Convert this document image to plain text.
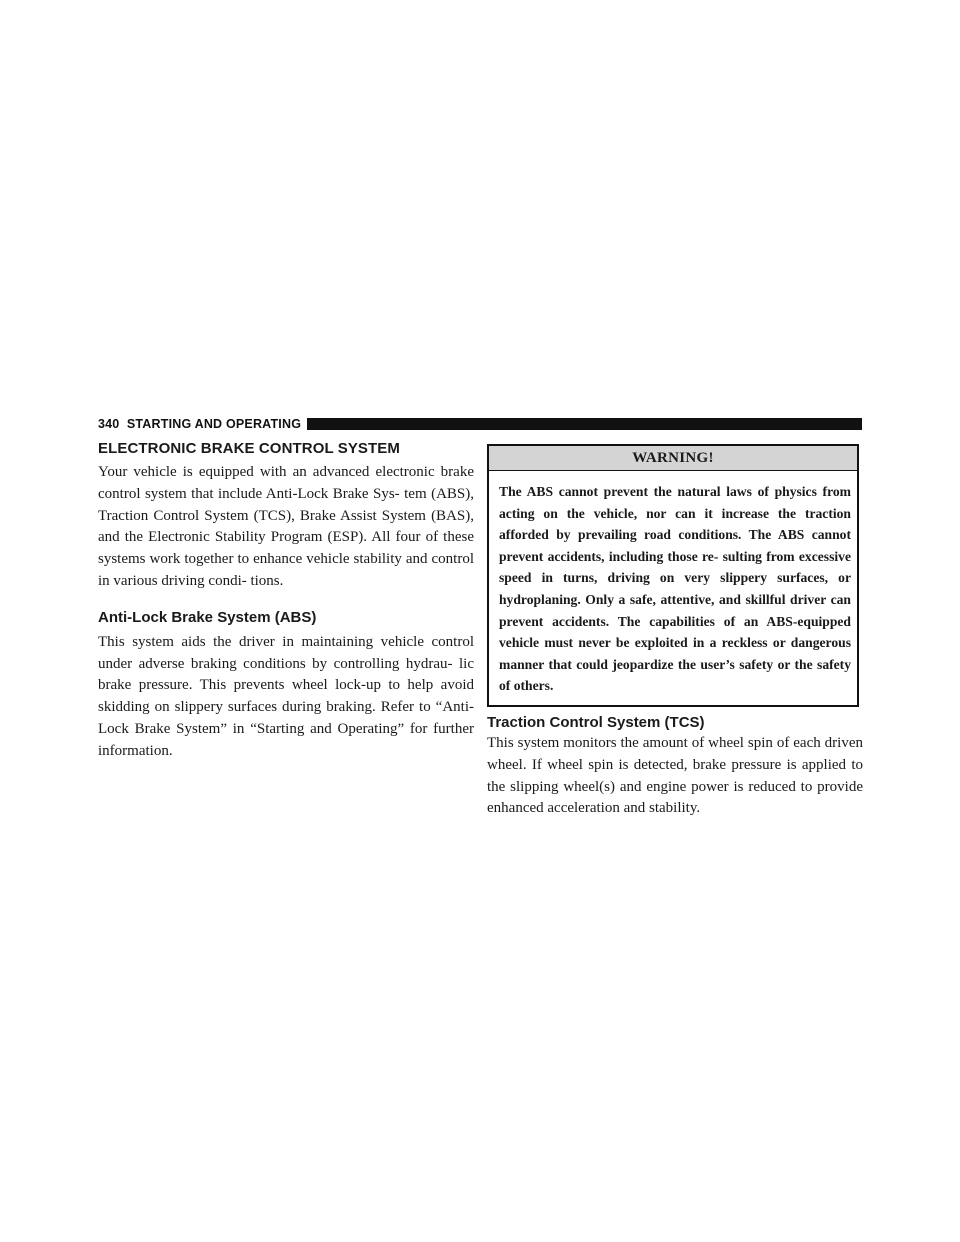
340 STARTING AND OPERATING
ELECTRONIC BRAKE CONTROL SYSTEM

Your vehicle is equipped with an advanced electronic brake control system that include Anti-Lock Brake Sys- tem (ABS), Traction Control System (TCS), Brake Assist System (BAS), and the Electronic Stability Program (ESP). All four of these systems work together to enhance vehicle stability and control in various driving condi- tions.

Anti-Lock Brake System (ABS)

This system aids the driver in maintaining vehicle control under adverse braking conditions by controlling hydrau- lic brake pressure. This prevents wheel lock-up to help avoid skidding on slippery surfaces during braking. Refer to “Anti-Lock Brake System” in “Starting and Operating” for further information.

WARNING!
The ABS cannot prevent the natural laws of physics from acting on the vehicle, nor can it increase the traction afforded by prevailing road conditions. The ABS cannot prevent accidents, including those re- sulting from excessive speed in turns, driving on very slippery surfaces, or hydroplaning. Only a safe, attentive, and skillful driver can prevent accidents. The capabilities of an ABS-equipped vehicle must never be exploited in a reckless or dangerous manner that could jeopardize the user’s safety or the safety of others.
Traction Control System (TCS)

This system monitors the amount of wheel spin of each driven wheel. If wheel spin is detected, brake pressure is applied to the slipping wheel(s) and engine power is reduced to provide enhanced acceleration and stability.
